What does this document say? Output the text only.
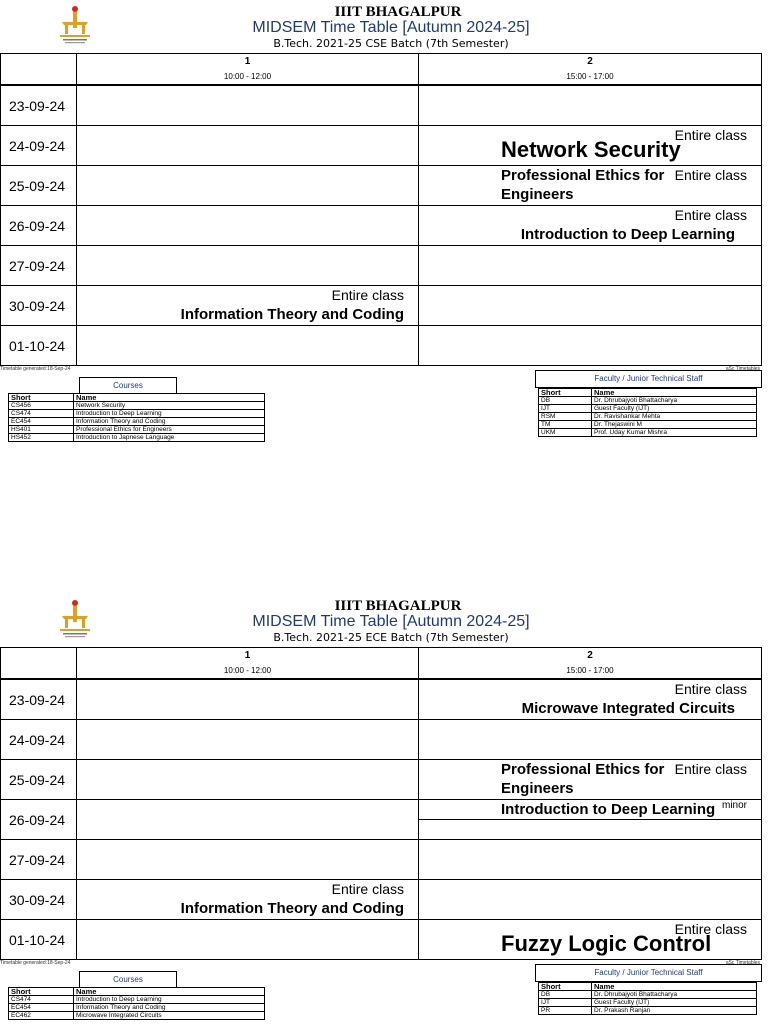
IIIT BHAGALPUR
MIDSEM Time Table [Autumn 2024-25]
B.Tech. 2021-25 CSE Batch (7th Semester)

	1
10:00 - 12:00	2
15:00 - 17:00

23-09-24		
24-09-24		Entire class
Network Security

25-09-24		Entire class
Professional Ethics for Engineers

26-09-24		Entire class
Introduction to Deep Learning

27-09-24		
30-09-24	Entire class
Information Theory and Coding	

01-10-24		
Timetable generated:18-Sep-24	aSc Timetables
Courses
Short	Name
CS456	Network Security
CS474	Introduction to Deep Learning
EC454	Information Theory and Coding
HS401	Professional Ethics for Engineers
HS452	Introduction to Japnese Language
Faculty / Junior Technical Staff
Short	Name
DB	Dr. Dhrubajyoti Bhattacharya
IJT	Guest Faculty (IJT)
RSM	Dr. Ravishankar Mehta
TM	Dr. Thejaswini M
UKM	Prof. Uday Kumar Mishra
IIIT BHAGALPUR
MIDSEM Time Table [Autumn 2024-25]
B.Tech. 2021-25 ECE Batch (7th Semester)

	1
10:00 - 12:00	2
15:00 - 17:00

23-09-24		Entire class
Microwave Integrated Circuits

24-09-24		
25-09-24		Entire class
Professional Ethics for Engineers

26-09-24		Introduction to Deep Learning minor

27-09-24		
30-09-24	Entire class
Information Theory and Coding	

01-10-24		Entire class
Fuzzy Logic Control
Timetable generated:18-Sep-24	aSc Timetables
Courses
Short	Name
CS474	Introduction to Deep Learning
EC454	Information Theory and Coding
EC462	Microwave Integrated Circuits
Faculty / Junior Technical Staff
Short	Name
DB	Dr. Dhrubajyoti Bhattacharya
IJT	Guest Faculty (IJT)
PR	Dr. Prakash Ranjan
